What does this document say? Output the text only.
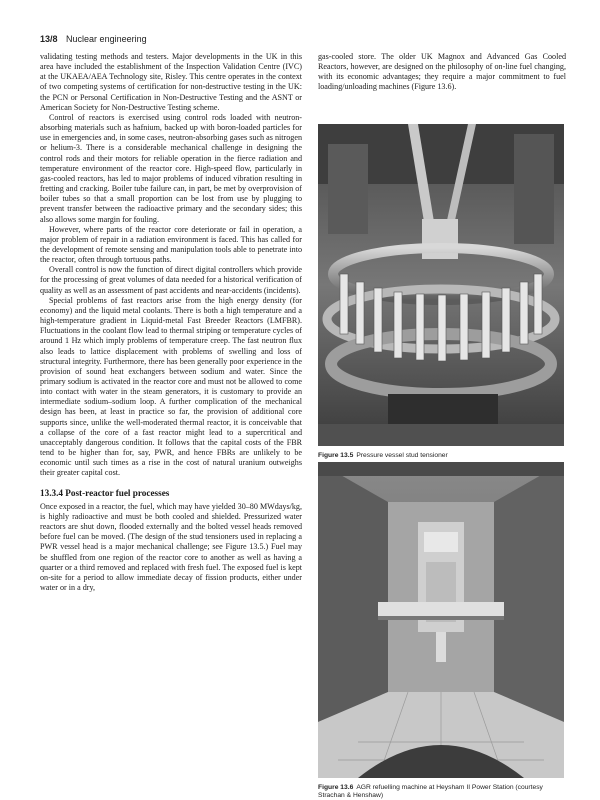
13/8 Nuclear engineering

validating testing methods and testers. Major developments in the UK in this area have included the establishment of the Inspection Validation Centre (IVC) at the UKAEA/AEA Technology site, Risley. This centre operates in the context of two competing systems of certification for non-destructive testing in the UK: the PCN or Personal Certification in Non-Destructive Testing and the ASNT or American Society for Non-Destructive Testing scheme.

Control of reactors is exercised using control rods loaded with neutron-absorbing materials such as hafnium, backed up with boron-loaded particles for use in emergencies and, in some cases, neutron-absorbing gases such as nitrogen or helium-3. There is a considerable mechanical challenge in designing the control rods and their motors for reliable operation in the fierce radiation and temperature environment of the reactor core. High-speed flow, particularly in gas-cooled reactors, has led to major problems of induced vibration resulting in fretting and cracking. Boiler tube failure can, in part, be met by overprovision of boiler tubes so that a small proportion can be lost from use by plugging to prevent transfer between the radioactive primary and the secondary sides; this also allows some margin for fouling.

However, where parts of the reactor core deteriorate or fail in operation, a major problem of repair in a radiation environment is faced. This has called for the development of remote sensing and manipulation tools able to penetrate into the reactor, often through tortuous paths.

Overall control is now the function of direct digital controllers which provide for the processing of great volumes of data needed for a historical verification of quality as well as an assessment of past accidents and near-accidents (incidents).

Special problems of fast reactors arise from the high energy density (for economy) and the liquid metal coolants. There is both a high temperature and a high-temperature gradient in Liquid-metal Fast Breeder Reactors (LMFBR). Fluctuations in the coolant flow lead to thermal striping or temperature cycles of around 1 Hz which imply problems of temperature creep. The fast neutron flux also leads to lattice displacement with problems of swelling and loss of structural integrity. Furthermore, there has been generally poor experience in the provision of sound heat exchangers between sodium and water. Since the primary sodium is activated in the reactor core and must not be allowed to come into contact with water in the steam generators, it is customary to provide an intermediate sodium–sodium loop. A further complication of the mechanical design has been, at least in practice so far, the provision of additional core supports since, unlike the well-moderated thermal reactor, it is conceivable that a collapse of the core of a fast reactor might lead to a supercritical and unacceptably dangerous condition. It follows that the capital costs of the FBR tend to be higher than for, say, PWR, and hence FBRs are unlikely to be economic until such times as a rise in the cost of natural uranium outweighs their greater capital cost.

13.3.4 Post-reactor fuel processes

Once exposed in a reactor, the fuel, which may have yielded 30–80 MWdays/kg, is highly radioactive and must be both cooled and shielded. Pressurized water reactors are shut down, flooded externally and the bolted vessel heads removed before fuel can be moved. (The design of the stud tensioners used in replacing a PWR vessel head is a major mechanical challenge; see Figure 13.5.) Fuel may be shuffled from one region of the reactor core to another as well as having a quarter or a third removed and replaced with fresh fuel. The exposed fuel is kept on-site for a period to allow immediate decay of fission products, either under water or in a dry,

gas-cooled store. The older UK Magnox and Advanced Gas Cooled Reactors, however, are designed on the philosophy of on-line fuel changing, with its economic advantages; they require a major commitment to fuel loading/unloading machines (Figure 13.6).

Figure 13.5 Pressure vessel stud tensioner
Figure 13.6 AGR refuelling machine at Heysham II Power Station (courtesy Strachan & Henshaw)
